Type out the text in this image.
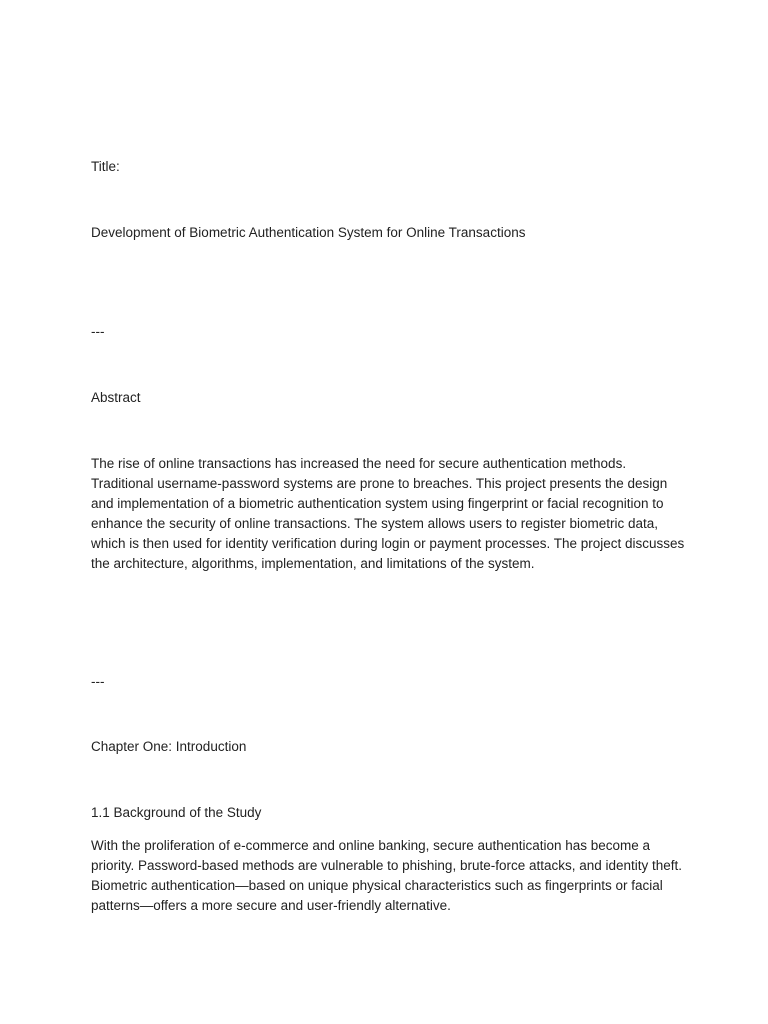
Title:

Development of Biometric Authentication System for Online Transactions

---

Abstract

The rise of online transactions has increased the need for secure authentication methods. Traditional username-password systems are prone to breaches. This project presents the design and implementation of a biometric authentication system using fingerprint or facial recognition to enhance the security of online transactions. The system allows users to register biometric data, which is then used for identity verification during login or payment processes. The project discusses the architecture, algorithms, implementation, and limitations of the system.

---

Chapter One: Introduction

1.1 Background of the Study

With the proliferation of e-commerce and online banking, secure authentication has become a priority. Password-based methods are vulnerable to phishing, brute-force attacks, and identity theft. Biometric authentication—based on unique physical characteristics such as fingerprints or facial patterns—offers a more secure and user-friendly alternative.
